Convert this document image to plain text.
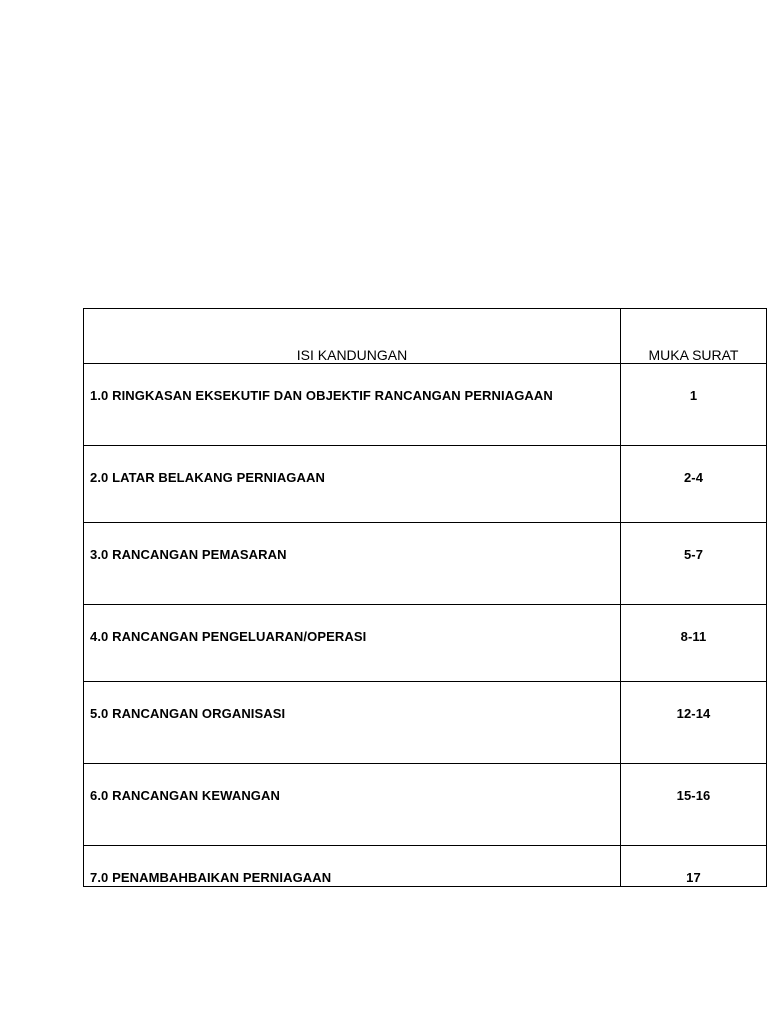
ISI KANDUNGAN	MUKA SURAT

1.0 RINGKASAN EKSEKUTIF DAN OBJEKTIF RANCANGAN PERNIAGAAN	1

2.0 LATAR BELAKANG PERNIAGAAN	2-4

3.0 RANCANGAN PEMASARAN	5-7

4.0 RANCANGAN PENGELUARAN/OPERASI	8-11

5.0 RANCANGAN ORGANISASI	12-14

6.0 RANCANGAN KEWANGAN	15-16

7.0 PENAMBAHBAIKAN PERNIAGAAN	17
